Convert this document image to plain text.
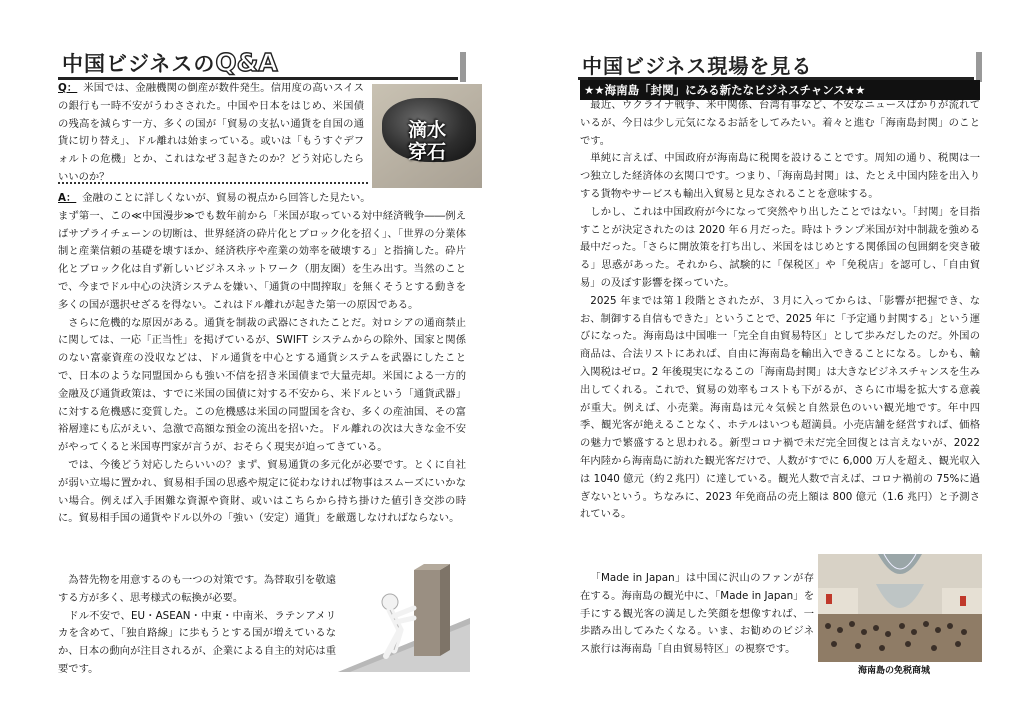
中国ビジネスのQ&A
滴水
穿石

Q： 米国では、金融機関の倒産が数件発生。信用度の高いスイスの銀行も一時不安がうわさされた。中国や日本をはじめ、米国債の残高を減らす一方、多くの国が「貿易の支払い通貨を自国の通貨に切り替え」、ドル離れは始まっている。或いは「もうすぐデフォルトの危機」とか、これはなぜ３起きたのか？どう対応したらいいのか？

A： 金融のことに詳しくないが、貿易の視点から回答した見たい。

まず第一、この≪中国漫步≫でも数年前から「米国が取っている対中経済戦争――例えばサプライチェーンの切断は、世界経済の砕片化とブロック化を招く」、「世界の分業体制と産業信頼の基礎を壊すほか、経済秩序や産業の効率を破壊する」と指摘した。砕片化とブロック化は自ず新しいビジネスネットワーク（朋友圏）を生み出す。当然のことで、今までドル中心の決済システムを嫌い、「通貨の中間搾取」を無くそうとする動きを多くの国が選択せざるを得ない。これはドル離れが起きた第一の原因である。

さらに危機的な原因がある。通貨を制裁の武器にされたことだ。対ロシアの通商禁止に関しては、一応「正当性」を掲げているが、SWIFT システムからの除外、国家と関係のない富豪資産の没収などは、ドル通貨を中心とする通貨システムを武器にしたことで、日本のような同盟国からも強い不信を招き米国債まで大量売却。米国による一方的金融及び通貨政策は、すでに米国の国債に対する不安から、米ドルという「通貨武器」に対する危機感に変質した。この危機感は米国の同盟国を含む、多くの産油国、その富裕層達にも広がえい、急激で高額な預金の流出を招いた。ドル離れの次は大きな金不安がやってくると米国専門家が言うが、おそらく現実が迫ってきている。

では、今後どう対応したらいいの？まず、貿易通貨の多元化が必要です。とくに自社が弱い立場に置かれ、貿易相手国の思惑や規定に従わなければ物事はスムーズにいかない場合。例えば入手困難な資源や資財、或いはこちらから持ち掛けた値引き交渉の時に。貿易相手国の通貨やドル以外の「強い（安定）通貨」を厳選しなければならない。

為替先物を用意するのも一つの対策です。為替取引を敬遠する方が多く、思考様式の転換が必要。

ドル不安で、EU・ASEAN・中東・中南米、ラテンアメリカを含めて、「独自路線」に歩もうとする国が増えているなか、日本の動向が注目されるが、企業による自主的対応は重要です。

中国ビジネス現場を見る
★★海南島「封関」にみる新たなビジネスチャンス★★

最近、ウクライナ戦争、米中関係、台湾有事など、不安なニュースばかりが流れているが、今日は少し元気になるお話をしてみたい。着々と進む「海南島封関」のことです。

単純に言えば、中国政府が海南島に税関を設けることです。周知の通り、税関は一つ独立した経済体の玄関口です。つまり、「海南島封関」は、たとえ中国内陸を出入りする貨物やサービスも輸出入貿易と見なされることを意味する。

しかし、これは中国政府が今になって突然やり出したことではない。「封関」を目指すことが決定されたのは 2020 年６月だった。時はトランプ米国が対中制裁を強める最中だった。「さらに開放策を打ち出し、米国をはじめとする関係国の包囲網を突き破る」思惑があった。それから、試験的に「保税区」や「免税店」を認可し、「自由貿易」の及ぼす影響を探っていた。

2025 年までは第１段階とされたが、３月に入ってからは、「影響が把握でき、なお、制御する自信もできた」ということで、2025 年に「予定通り封関する」という運びになった。海南島は中国唯一「完全自由貿易特区」として歩みだしたのだ。外国の商品は、合法リストにあれば、自由に海南島を輸出入できることになる。しかも、輸入関税はゼロ。2 年後現実になるこの「海南島封関」は大きなビジネスチャンスを生み出してくれる。これで、貿易の効率もコストも下がるが、さらに市場を拡大する意義が重大。例えば、小売業。海南島は元々気候と自然景色のいい観光地です。年中四季、観光客が絶えることなく、ホテルはいつも超満員。小売店舗を経営すれば、価格の魅力で繁盛すると思われる。新型コロナ禍で未だ完全回復とは言えないが、2022 年内陸から海南島に訪れた観光客だけで、人数がすでに 6,000 万人を超え、観光収入は 1040 億元（約２兆円）に達している。観光人数で言えば、コロナ禍前の 75%に過ぎないという。ちなみに、2023 年免商品の売上額は 800 億元（1.6 兆円）と予測されている。

「Made in Japan」は中国に沢山のファンが存在する。海南島の観光中に、「Made in Japan」を手にする観光客の満足した笑顔を想像すれば、一歩踏み出してみたくなる。いま、お勧めのビジネス旅行は海南島「自由貿易特区」の視察です。

海南島の免税商城
